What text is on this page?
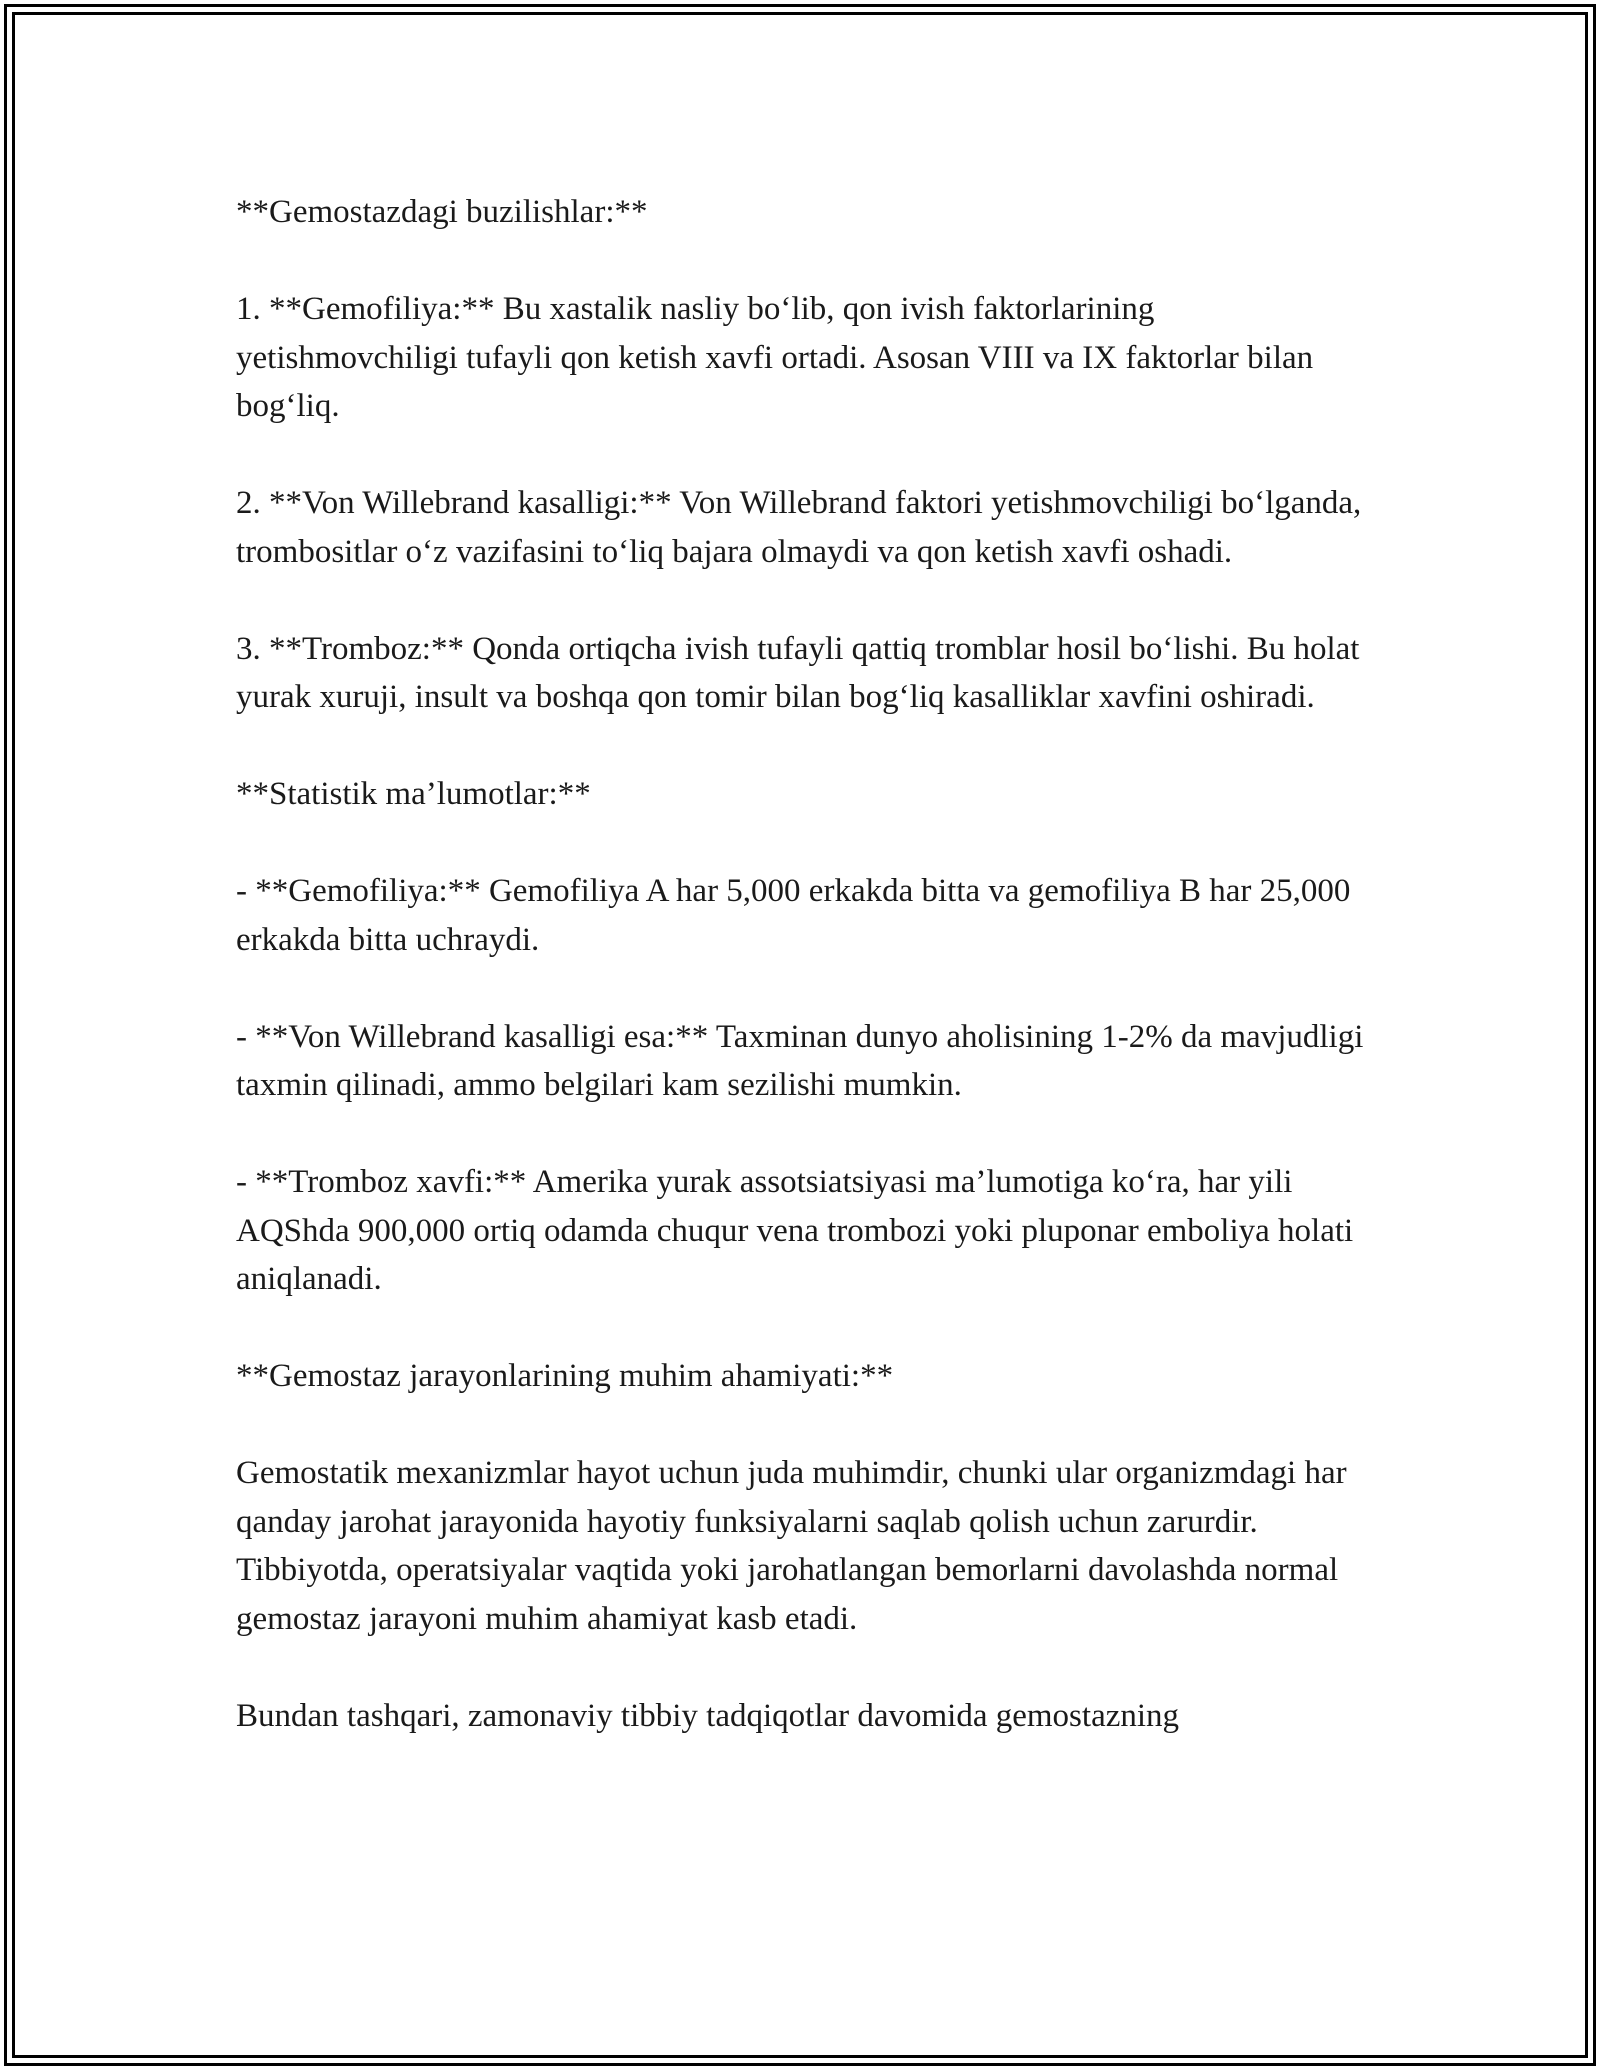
**Gemostazdagi buzilishlar:**

1. **Gemofiliya:** Bu xastalik nasliy bo‘lib, qon ivish faktorlarining yetishmovchiligi tufayli qon ketish xavfi ortadi. Asosan VIII va IX faktorlar bilan bog‘liq.

2. **Von Willebrand kasalligi:** Von Willebrand faktori yetishmovchiligi bo‘lganda, trombositlar o‘z vazifasini to‘liq bajara olmaydi va qon ketish xavfi oshadi.

3. **Tromboz:** Qonda ortiqcha ivish tufayli qattiq tromblar hosil bo‘lishi. Bu holat yurak xuruji, insult va boshqa qon tomir bilan bog‘liq kasalliklar xavfini oshiradi.

**Statistik ma’lumotlar:**

- **Gemofiliya:** Gemofiliya A har 5,000 erkakda bitta va gemofiliya B har 25,000 erkakda bitta uchraydi.

- **Von Willebrand kasalligi esa:** Taxminan dunyo aholisining 1-2% da mavjudligi taxmin qilinadi, ammo belgilari kam sezilishi mumkin.

- **Tromboz xavfi:** Amerika yurak assotsiatsiyasi ma’lumotiga ko‘ra, har yili AQShda 900,000 ortiq odamda chuqur vena trombozi yoki pluponar emboliya holati aniqlanadi.

**Gemostaz jarayonlarining muhim ahamiyati:**

Gemostatik mexanizmlar hayot uchun juda muhimdir, chunki ular organizmdagi har qanday jarohat jarayonida hayotiy funksiyalarni saqlab qolish uchun zarurdir. Tibbiyotda, operatsiyalar vaqtida yoki jarohatlangan bemorlarni davolashda normal gemostaz jarayoni muhim ahamiyat kasb etadi.

Bundan tashqari, zamonaviy tibbiy tadqiqotlar davomida gemostazning
